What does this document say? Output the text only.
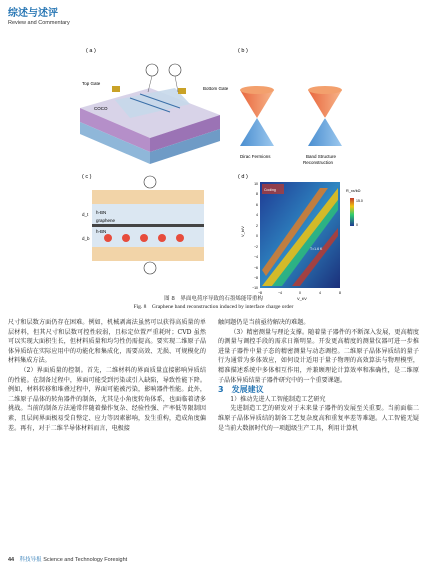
综述与述评
Review and Commentary
( a )
Top Gate
COCO
Bottom Gate
( b )
Dirac Fermions	Band Structure
Reconstruction
( c )
h-BN
graphene
h-BN
d_t
d_b
( d )
Cooling
T=1.6 K
10
8
6
4
2
0
−2
−4
−6
−8
−10
−8	−4	0	4	8
V_t/V
V_b/V
R_xx/kΩ
15.0
0
图 8　界面电荷序导致的石墨烯能带重构
Fig. 8　Graphene band reconstruction induced by interface charge order

尺寸和层数方面仍存在困难。例如，机械剥离法虽然可以获得高质量的单层材料，但其尺寸和层数可控性较弱，且标定位置严重耗时；CVD 虽然可以实现大面积生长，但材料质量和均匀性仍需提高。要实现二维原子晶体异质结在实际应用中的功能化和集成化，需要高效、无损、可规模化的材料集成方法。

（2）界面质量的控制。首先，二维材料的界面质量直接影响异质结的性能。在制备过程中，界面可能受到污染或引入缺陷，导致性能下降。例如，材料转移和堆叠过程中，界面可能被污染，影响器件性能。此外，二维原子晶体的转角器件的制备，尤其是小角度转角体系，也面临着诸多挑战。当前的制备方法通常伴随着操作复杂、经验性强、产率低等限制因素，且层间界面极易受自整定、应力等因素影响，发生重构，造成角度偏差。再有，对于二维半导体材料而言，电极接

触问题仍是当前亟待解决的难题。

（3）精密测量与理论支撑。随着量子器件的不断深入发展，更高精度的测量与调控手段的需求日渐明显。开发更高精度的测量仪器可进一步推进量子器件中量子态的精密测量与动态调控。二维原子晶体异质结的量子行为通常为多体效应，如何设计适用于量子物理的高效算法与物理模型，精准描述系统中多体相互作用，并兼顾理论计算效率和准确性，是二维原子晶体异质结量子器件研究中的一个重要课题。

3　发展建议

1）推动先进人工智能制造工艺研究

先进制造工艺的研发对于未来量子器件的发展至关重要。当前面临二维原子晶体异质结的制备工艺复杂度高和重复率差等难题。人工智能无疑是当前大数据时代的一项超级生产工具，利用计算机

44 科技导报 Science and Technology Foresight
